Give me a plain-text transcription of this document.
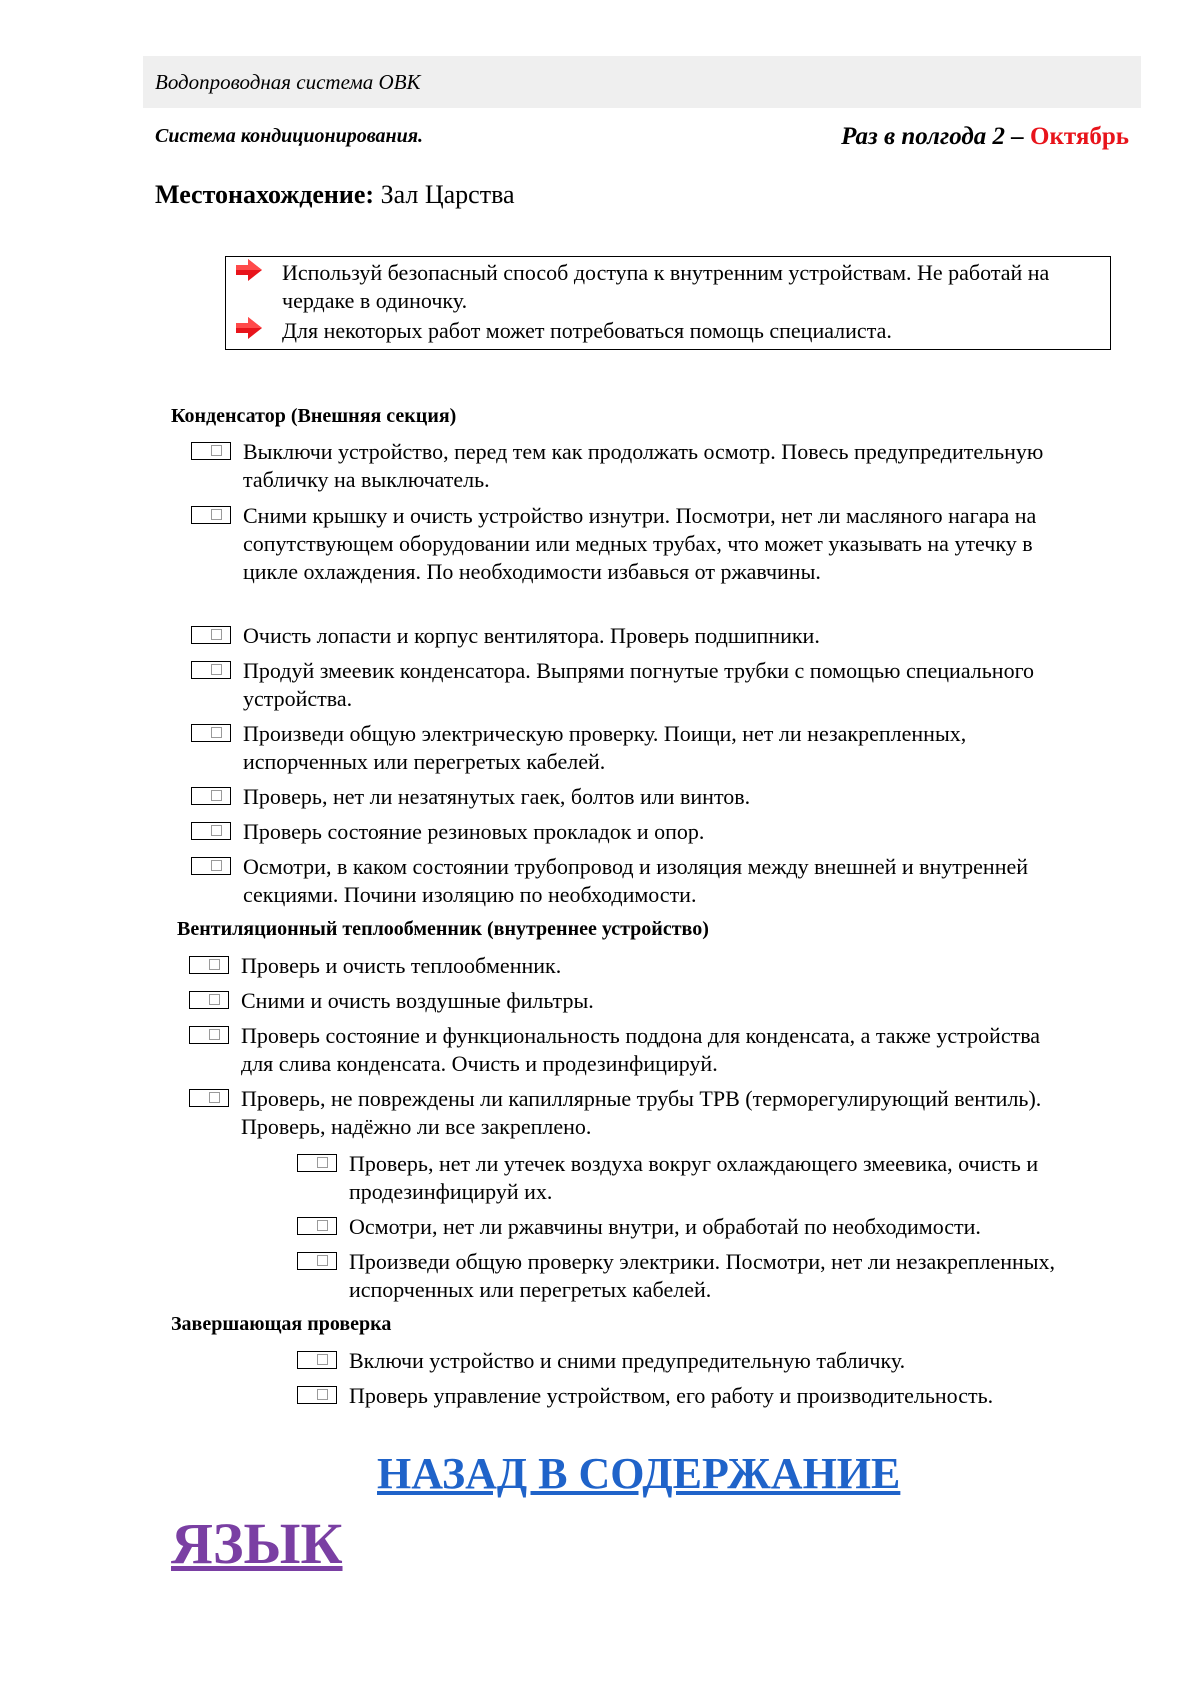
Водопроводная система ОВК
Система кондиционирования.	Раз в полгода 2 – Октябрь
Местонахождение: Зал Царства
Используй безопасный способ доступа к внутренним устройствам. Не работай на чердаке в одиночку.
Для некоторых работ может потребоваться помощь специалиста.
Конденсатор (Внешняя секция)
Выключи устройство, перед тем как продолжать осмотр. Повесь предупредительную табличку на выключатель.
Сними крышку и очисть устройство изнутри. Посмотри, нет ли масляного нагара на сопутствующем оборудовании или медных трубах, что может указывать на утечку в цикле охлаждения. По необходимости избавься от ржавчины.
Очисть лопасти и корпус вентилятора. Проверь подшипники.
Продуй змеевик конденсатора. Выпрями погнутые трубки с помощью специального устройства.
Произведи общую электрическую проверку. Поищи, нет ли незакрепленных, испорченных или перегретых кабелей.
Проверь, нет ли незатянутых гаек, болтов или винтов.
Проверь состояние резиновых прокладок и опор.
Осмотри, в каком состоянии трубопровод и изоляция между внешней и внутренней секциями. Почини изоляцию по необходимости.
Вентиляционный теплообменник (внутреннее устройство)
Проверь и очисть теплообменник.
Сними и очисть воздушные фильтры.
Проверь состояние и функциональность поддона для конденсата, а также устройства для слива конденсата. Очисть и продезинфицируй.
Проверь, не повреждены ли капиллярные трубы ТРВ (терморегулирующий вентиль). Проверь, надёжно ли все закреплено.
Проверь, нет ли утечек воздуха вокруг охлаждающего змеевика, очисть и продезинфицируй их.
Осмотри, нет ли ржавчины внутри, и обработай по необходимости.
Произведи общую проверку электрики. Посмотри, нет ли незакрепленных, испорченных или перегретых кабелей.
Завершающая проверка
Включи устройство и сними предупредительную табличку.
Проверь управление устройством, его работу и производительность.
НАЗАД В СОДЕРЖАНИЕ
ЯЗЫК
